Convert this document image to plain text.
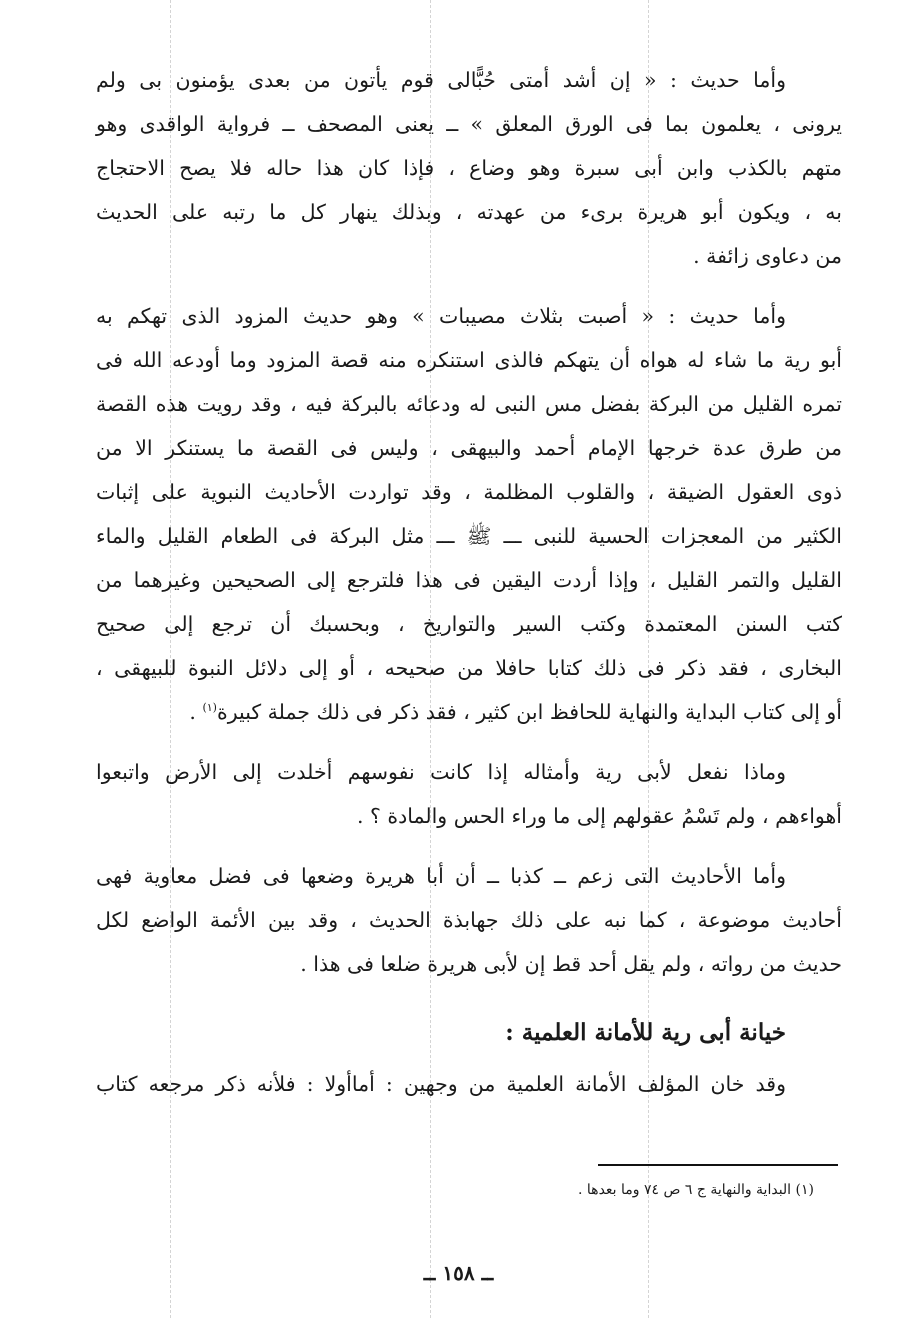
وأما حديث : « إن أشد أمتى حُبًّالى قوم يأتون من بعدى يؤمنون بى ولم
يرونى ، يعلمون بما فى الورق المعلق » ــ يعنى المصحف ــ فرواية الواقدى وهو
متهم بالكذب وابن أبى سبرة وهو وضاع ، فإذا كان هذا حاله فلا يصح الاحتجاج
به ، ويكون أبو هريرة برىء من عهدته ، وبذلك ينهار كل ما رتبه على الحديث
من دعاوى زائفة .

وأما حديث : « أصبت بثلاث مصيبات » وهو حديث المزود الذى تهكم به
أبو رية ما شاء له هواه أن يتهكم فالذى استنكره منه قصة المزود وما أودعه الله فى
تمره القليل من البركة بفضل مس النبى له ودعائه بالبركة فيه ، وقد رويت هذه القصة
من طرق عدة خرجها الإمام أحمد والبيهقى ، وليس فى القصة ما يستنكر الا من
ذوى العقول الضيقة ، والقلوب المظلمة ، وقد تواردت الأحاديث النبوية على إثبات
الكثير من المعجزات الحسية للنبى ـــ ﷺ ـــ مثل البركة فى الطعام القليل والماء
القليل والتمر القليل ، وإذا أردت اليقين فى هذا فلترجع إلى الصحيحين وغيرهما من
كتب السنن المعتمدة وكتب السير والتواريخ ، وبحسبك أن ترجع إلى صحيح
البخارى ، فقد ذكر فى ذلك كتابا حافلا من صحيحه ، أو إلى دلائل النبوة للبيهقى ،
أو إلى كتاب البداية والنهاية للحافظ ابن كثير ، فقد ذكر فى ذلك جملة كبيرة$^{(١)}$ .

وماذا نفعل لأبى رية وأمثاله إذا كانت نفوسهم أخلدت إلى الأرض واتبعوا
أهواءهم ، ولم تَسْمُ عقولهم إلى ما وراء الحس والمادة ؟ .

وأما الأحاديث التى زعم ــ كذبا ــ أن أبا هريرة وضعها فى فضل معاوية فهى
أحاديث موضوعة ، كما نبه على ذلك جهابذة الحديث ، وقد بين الأئمة الواضع لكل
حديث من رواته ، ولم يقل أحد قط إن لأبى هريرة ضلعا فى هذا .

خيانة أبى رية للأمانة العلمية :

وقد خان المؤلف الأمانة العلمية من وجهين : أماأولا : فلأنه ذكر مرجعه كتاب

(١) البداية والنهاية ج ٦ ص ٧٤ وما بعدها .
ــ ١٥٨ ــ
